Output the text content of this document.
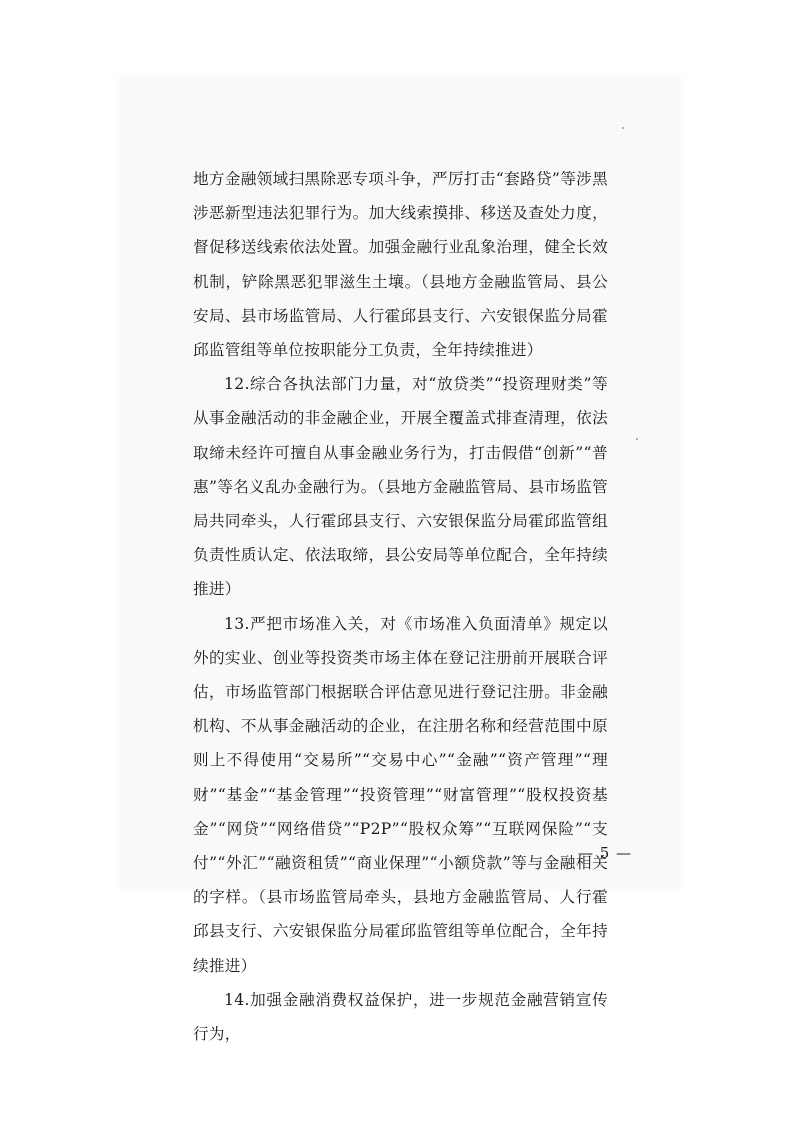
地方金融领域扫黑除恶专项斗争，严厉打击“套路贷”等涉黑涉恶新型违法犯罪行为。加大线索摸排、移送及查处力度，督促移送线索依法处置。加强金融行业乱象治理，健全长效机制，铲除黑恶犯罪滋生土壤。（县地方金融监管局、县公安局、县市场监管局、人行霍邱县支行、六安银保监分局霍邱监管组等单位按职能分工负责，全年持续推进）

12.综合各执法部门力量，对“放贷类”“投资理财类”等从事金融活动的非金融企业，开展全覆盖式排查清理，依法取缔未经许可擅自从事金融业务行为，打击假借“创新”“普惠”等名义乱办金融行为。（县地方金融监管局、县市场监管局共同牵头，人行霍邱县支行、六安银保监分局霍邱监管组负责性质认定、依法取缔，县公安局等单位配合，全年持续推进）

13.严把市场准入关，对《市场准入负面清单》规定以外的实业、创业等投资类市场主体在登记注册前开展联合评估，市场监管部门根据联合评估意见进行登记注册。非金融机构、不从事金融活动的企业，在注册名称和经营范围中原则上不得使用“交易所”“交易中心”“金融”“资产管理”“理财”“基金”“基金管理”“投资管理”“财富管理”“股权投资基金”“网贷”“网络借贷”“P2P”“股权众筹”“互联网保险”“支付”“外汇”“融资租赁”“商业保理”“小额贷款”等与金融相关的字样。（县市场监管局牵头，县地方金融监管局、人行霍邱县支行、六安银保监分局霍邱监管组等单位配合，全年持续推进）

14.加强金融消费权益保护，进一步规范金融营销宣传行为，

— 5 —
